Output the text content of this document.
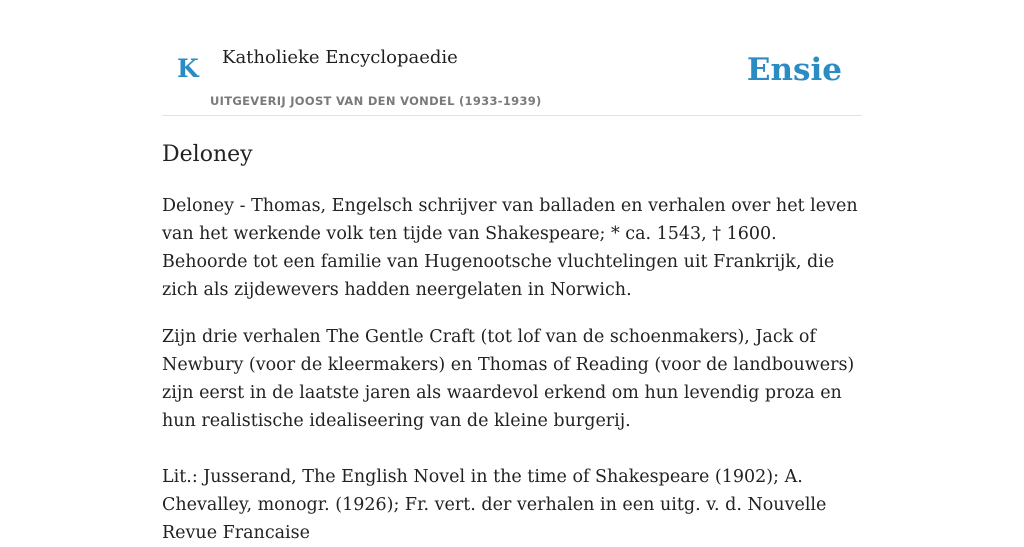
K Katholieke Encyclopaedie
UITGEVERIJ JOOST VAN DEN VONDEL (1933-1939)
Ensie
Deloney

Deloney - Thomas, Engelsch schrijver van balladen en verhalen over het leven van het werkende volk ten tijde van Shakespeare; * ca. 1543, † 1600. Behoorde tot een familie van Hugenootsche vluchtelingen uit Frankrijk, die zich als zijdewevers hadden neergelaten in Norwich.

Zijn drie verhalen The Gentle Craft (tot lof van de schoenmakers), Jack of Newbury (voor de kleermakers) en Thomas of Reading (voor de landbouwers) zijn eerst in de laatste jaren als waardevol erkend om hun levendig proza en hun realistische idealiseering van de kleine burgerij.

Lit.: Jusserand, The English Novel in the time of Shakespeare (1902); A. Chevalley, monogr. (1926); Fr. vert. der verhalen in een uitg. v. d. Nouvelle Revue Francaise
